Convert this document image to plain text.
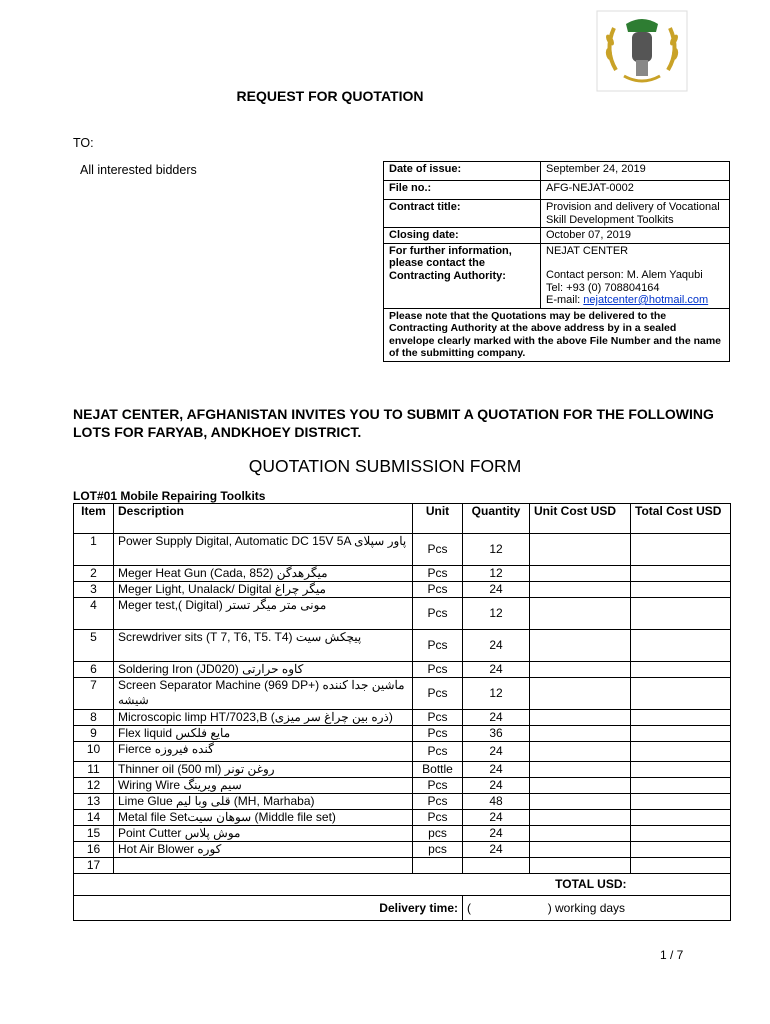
REQUEST FOR QUOTATION
TO:
All interested bidders	Date of issue:	September 24, 2019
File no.:	AFG-NEJAT-0002
Contract title:	Provision and delivery of Vocational Skill Development Toolkits
Closing date:	October 07, 2019
For further information, please contact the Contracting Authority:	NEJAT CENTER
Contact person: M. Alem Yaqubi
Tel: +93 (0) 708804164
E-mail: nejatcenter@hotmail.com

Please note that the Quotations may be delivered to the Contracting Authority at the above address by in a sealed envelope clearly marked with the above File Number and the name of the submitting company.	
NEJAT CENTER, AFGHANISTAN INVITES YOU TO SUBMIT A QUOTATION FOR THE FOLLOWING LOTS FOR FARYAB, ANDKHOEY DISTRICT.
QUOTATION SUBMISSION FORM
LOT#01 Mobile Repairing Toolkits
Item	Description	Unit	Quantity	Unit Cost USD	Total Cost USD
1	Power Supply Digital, Automatic DC 15V 5A پاور سپلای	Pcs	12		
2	Meger Heat Gun (Cada, 852) میگرهدگن	Pcs	12		
3	Meger Light, Unalack/ Digital میگر چراغ	Pcs	24		
4	Meger test,( Digital) مونی متر میگر تستر	Pcs	12		
5	Screwdriver sits (T 7, T6, T5. T4) پیچکش سیت	Pcs	24		
6	Soldering Iron (JD020) کاوه حرارتی	Pcs	24		
7	Screen Separator Machine (969 DP+) ماشین جدا کننده شیشه	Pcs	12		
8	Microscopic limp HT/7023,B (ذره بین چراغ سر میزی)	Pcs	24		
9	Flex liquid مایع فلکس	Pcs	36		
10	Fierce گنده فیروزه	Pcs	24		
11	Thinner oil (500 ml) روغن تونر	Bottle	24		
12	Wiring Wire سیم ویرینگ	Pcs	24		
13	Lime Glue قلی وبا لیم (MH, Marhaba)	Pcs	48		
14	Metal file Setسوهان سیت (Middle file set)	Pcs	24		
15	Point Cutter موش پلاس	pcs	24		
16	Hot Air Blower کوره	pcs	24		
17					
TOTAL USD:					
Delivery time:			( ) working days		
1 / 7
